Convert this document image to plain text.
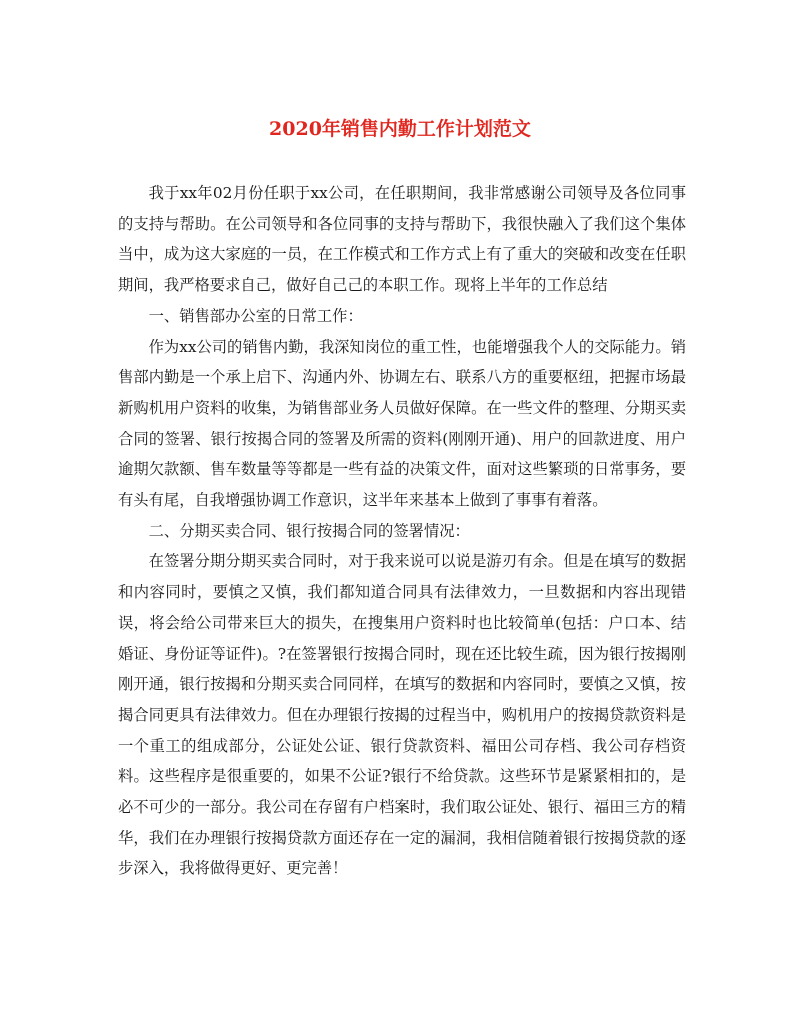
2020年销售内勤工作计划范文

我于xx年02月份任职于xx公司，在任职期间，我非常感谢公司领导及各位同事的支持与帮助。在公司领导和各位同事的支持与帮助下，我很快融入了我们这个集体当中，成为这大家庭的一员，在工作模式和工作方式上有了重大的突破和改变在任职期间，我严格要求自己，做好自己己的本职工作。现将上半年的工作总结

一、销售部办公室的日常工作：

作为xx公司的销售内勤，我深知岗位的重工性，也能增强我个人的交际能力。销售部内勤是一个承上启下、沟通内外、协调左右、联系八方的重要枢纽，把握市场最新购机用户资料的收集，为销售部业务人员做好保障。在一些文件的整理、分期买卖合同的签署、银行按揭合同的签署及所需的资料(刚刚开通)、用户的回款进度、用户逾期欠款额、售车数量等等都是一些有益的决策文件，面对这些繁琐的日常事务，要有头有尾，自我增强协调工作意识，这半年来基本上做到了事事有着落。

二、分期买卖合同、银行按揭合同的签署情况：

在签署分期分期买卖合同时，对于我来说可以说是游刃有余。但是在填写的数据和内容同时，要慎之又慎，我们都知道合同具有法律效力，一旦数据和内容出现错误，将会给公司带来巨大的损失，在搜集用户资料时也比较简单(包括：户口本、结婚证、身份证等证件)。?在签署银行按揭合同时，现在还比较生疏，因为银行按揭刚刚开通，银行按揭和分期买卖合同同样，在填写的数据和内容同时，要慎之又慎，按揭合同更具有法律效力。但在办理银行按揭的过程当中，购机用户的按揭贷款资料是一个重工的组成部分，公证处公证、银行贷款资料、福田公司存档、我公司存档资料。这些程序是很重要的，如果不公证?银行不给贷款。这些环节是紧紧相扣的，是必不可少的一部分。我公司在存留有户档案时，我们取公证处、银行、福田三方的精华，我们在办理银行按揭贷款方面还存在一定的漏洞，我相信随着银行按揭贷款的逐步深入，我将做得更好、更完善！
